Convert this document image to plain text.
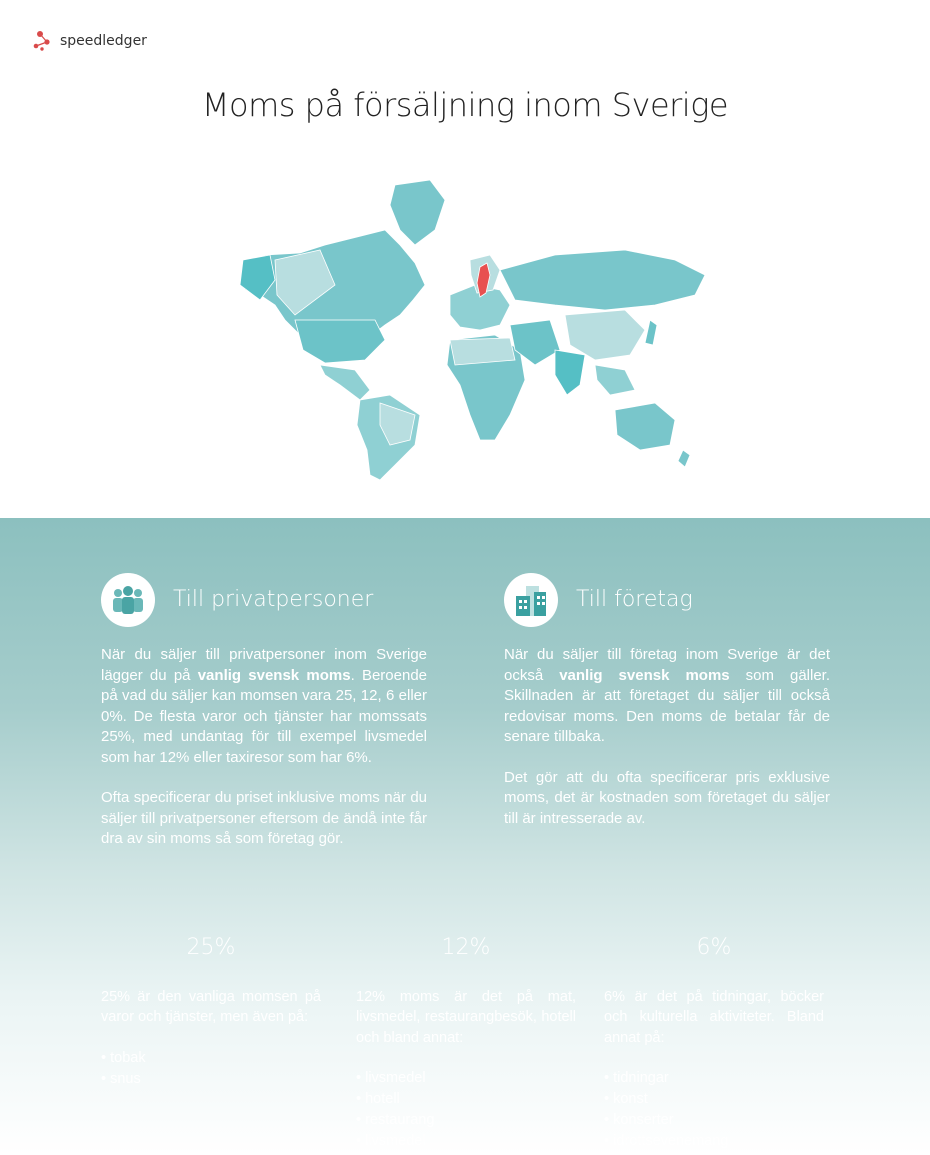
speedledger
Moms på försäljning inom Sverige
Till privatpersoner

När du säljer till privatpersoner inom Sverige lägger du på vanlig svensk moms. Beroende på vad du säljer kan momsen vara 25, 12, 6 eller 0%. De flesta varor och tjänster har momssats 25%, med undantag för till exempel livsmedel som har 12% eller taxiresor som har 6%.

Ofta specificerar du priset inklusive moms när du säljer till privatpersoner eftersom de ändå inte får dra av sin moms så som företag gör.

Till företag

När du säljer till företag inom Sverige är det också vanlig svensk moms som gäller. Skillnaden är att företaget du säljer till också redovisar moms. Den moms de betalar får de senare tillbaka.

Det gör att du ofta specificerar pris exklusive moms, det är kostnaden som företaget du säljer till är intresserade av.

25%

25% är den vanliga momsen på varor och tjänster, men även på:

• tobak
• snus
12%

12% moms är det på mat, livsmedel, restaurangbesök, hotell och bland annat:

• livsmedel
• hotell
• restaurang
• livsmedel
6%

6% är det på tidningar, böcker och kulturella aktiviteter. Bland annat på:

• tidningar
• konst
• konserter
• idrottsevenemang
